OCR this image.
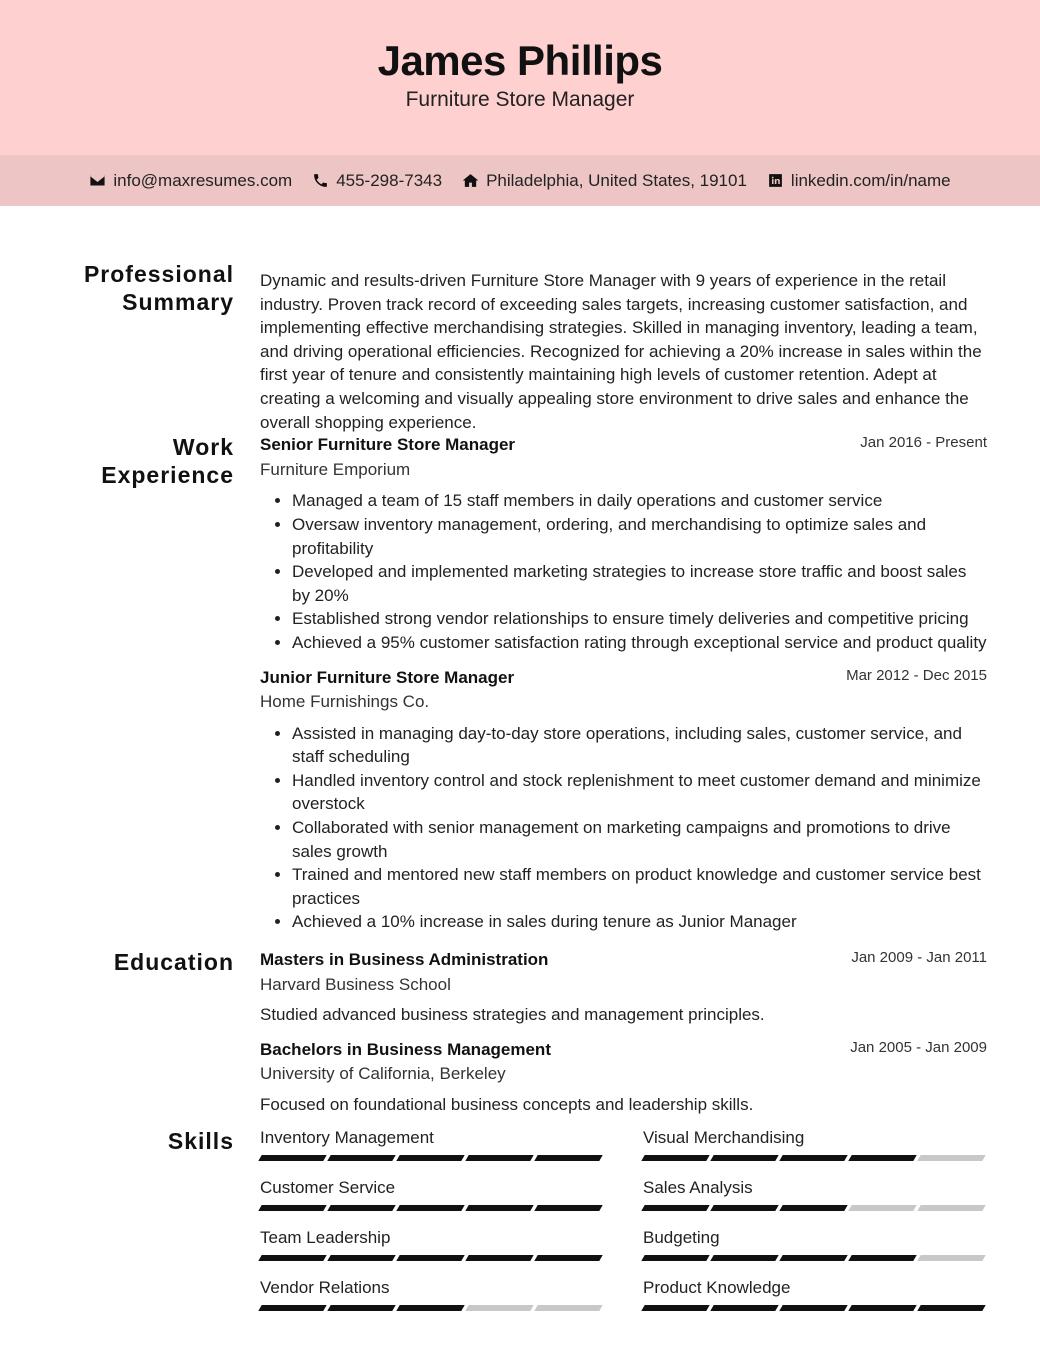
James Phillips
Furniture Store Manager
info@maxresumes.com	455-298-7343	Philadelphia, United States, 19101	linkedin.com/in/name
Professional
Summary
Dynamic and results-driven Furniture Store Manager with 9 years of experience in the retail industry. Proven track record of exceeding sales targets, increasing customer satisfaction, and implementing effective merchandising strategies. Skilled in managing inventory, leading a team, and driving operational efficiencies. Recognized for achieving a 20% increase in sales within the first year of tenure and consistently maintaining high levels of customer retention. Adept at creating a welcoming and visually appealing store environment to drive sales and enhance the overall shopping experience.
Work
Experience
Senior Furniture Store Manager	Jan 2016 - Present
Furniture Emporium
• Managed a team of 15 staff members in daily operations and customer service
• Oversaw inventory management, ordering, and merchandising to optimize sales and profitability
• Developed and implemented marketing strategies to increase store traffic and boost sales by 20%
• Established strong vendor relationships to ensure timely deliveries and competitive pricing
• Achieved a 95% customer satisfaction rating through exceptional service and product quality
Junior Furniture Store Manager	Mar 2012 - Dec 2015
Home Furnishings Co.
• Assisted in managing day-to-day store operations, including sales, customer service, and staff scheduling
• Handled inventory control and stock replenishment to meet customer demand and minimize overstock
• Collaborated with senior management on marketing campaigns and promotions to drive sales growth
• Trained and mentored new staff members on product knowledge and customer service best practices
• Achieved a 10% increase in sales during tenure as Junior Manager
Education Masters in Business Administration	Jan 2009 - Jan 2011
Harvard Business School
Studied advanced business strategies and management principles.
Bachelors in Business Management	Jan 2005 - Jan 2009
University of California, Berkeley
Focused on foundational business concepts and leadership skills.
Skills Inventory Management	Visual Merchandising
Customer Service	Sales Analysis
Team Leadership	Budgeting
Vendor Relations	Product Knowledge
